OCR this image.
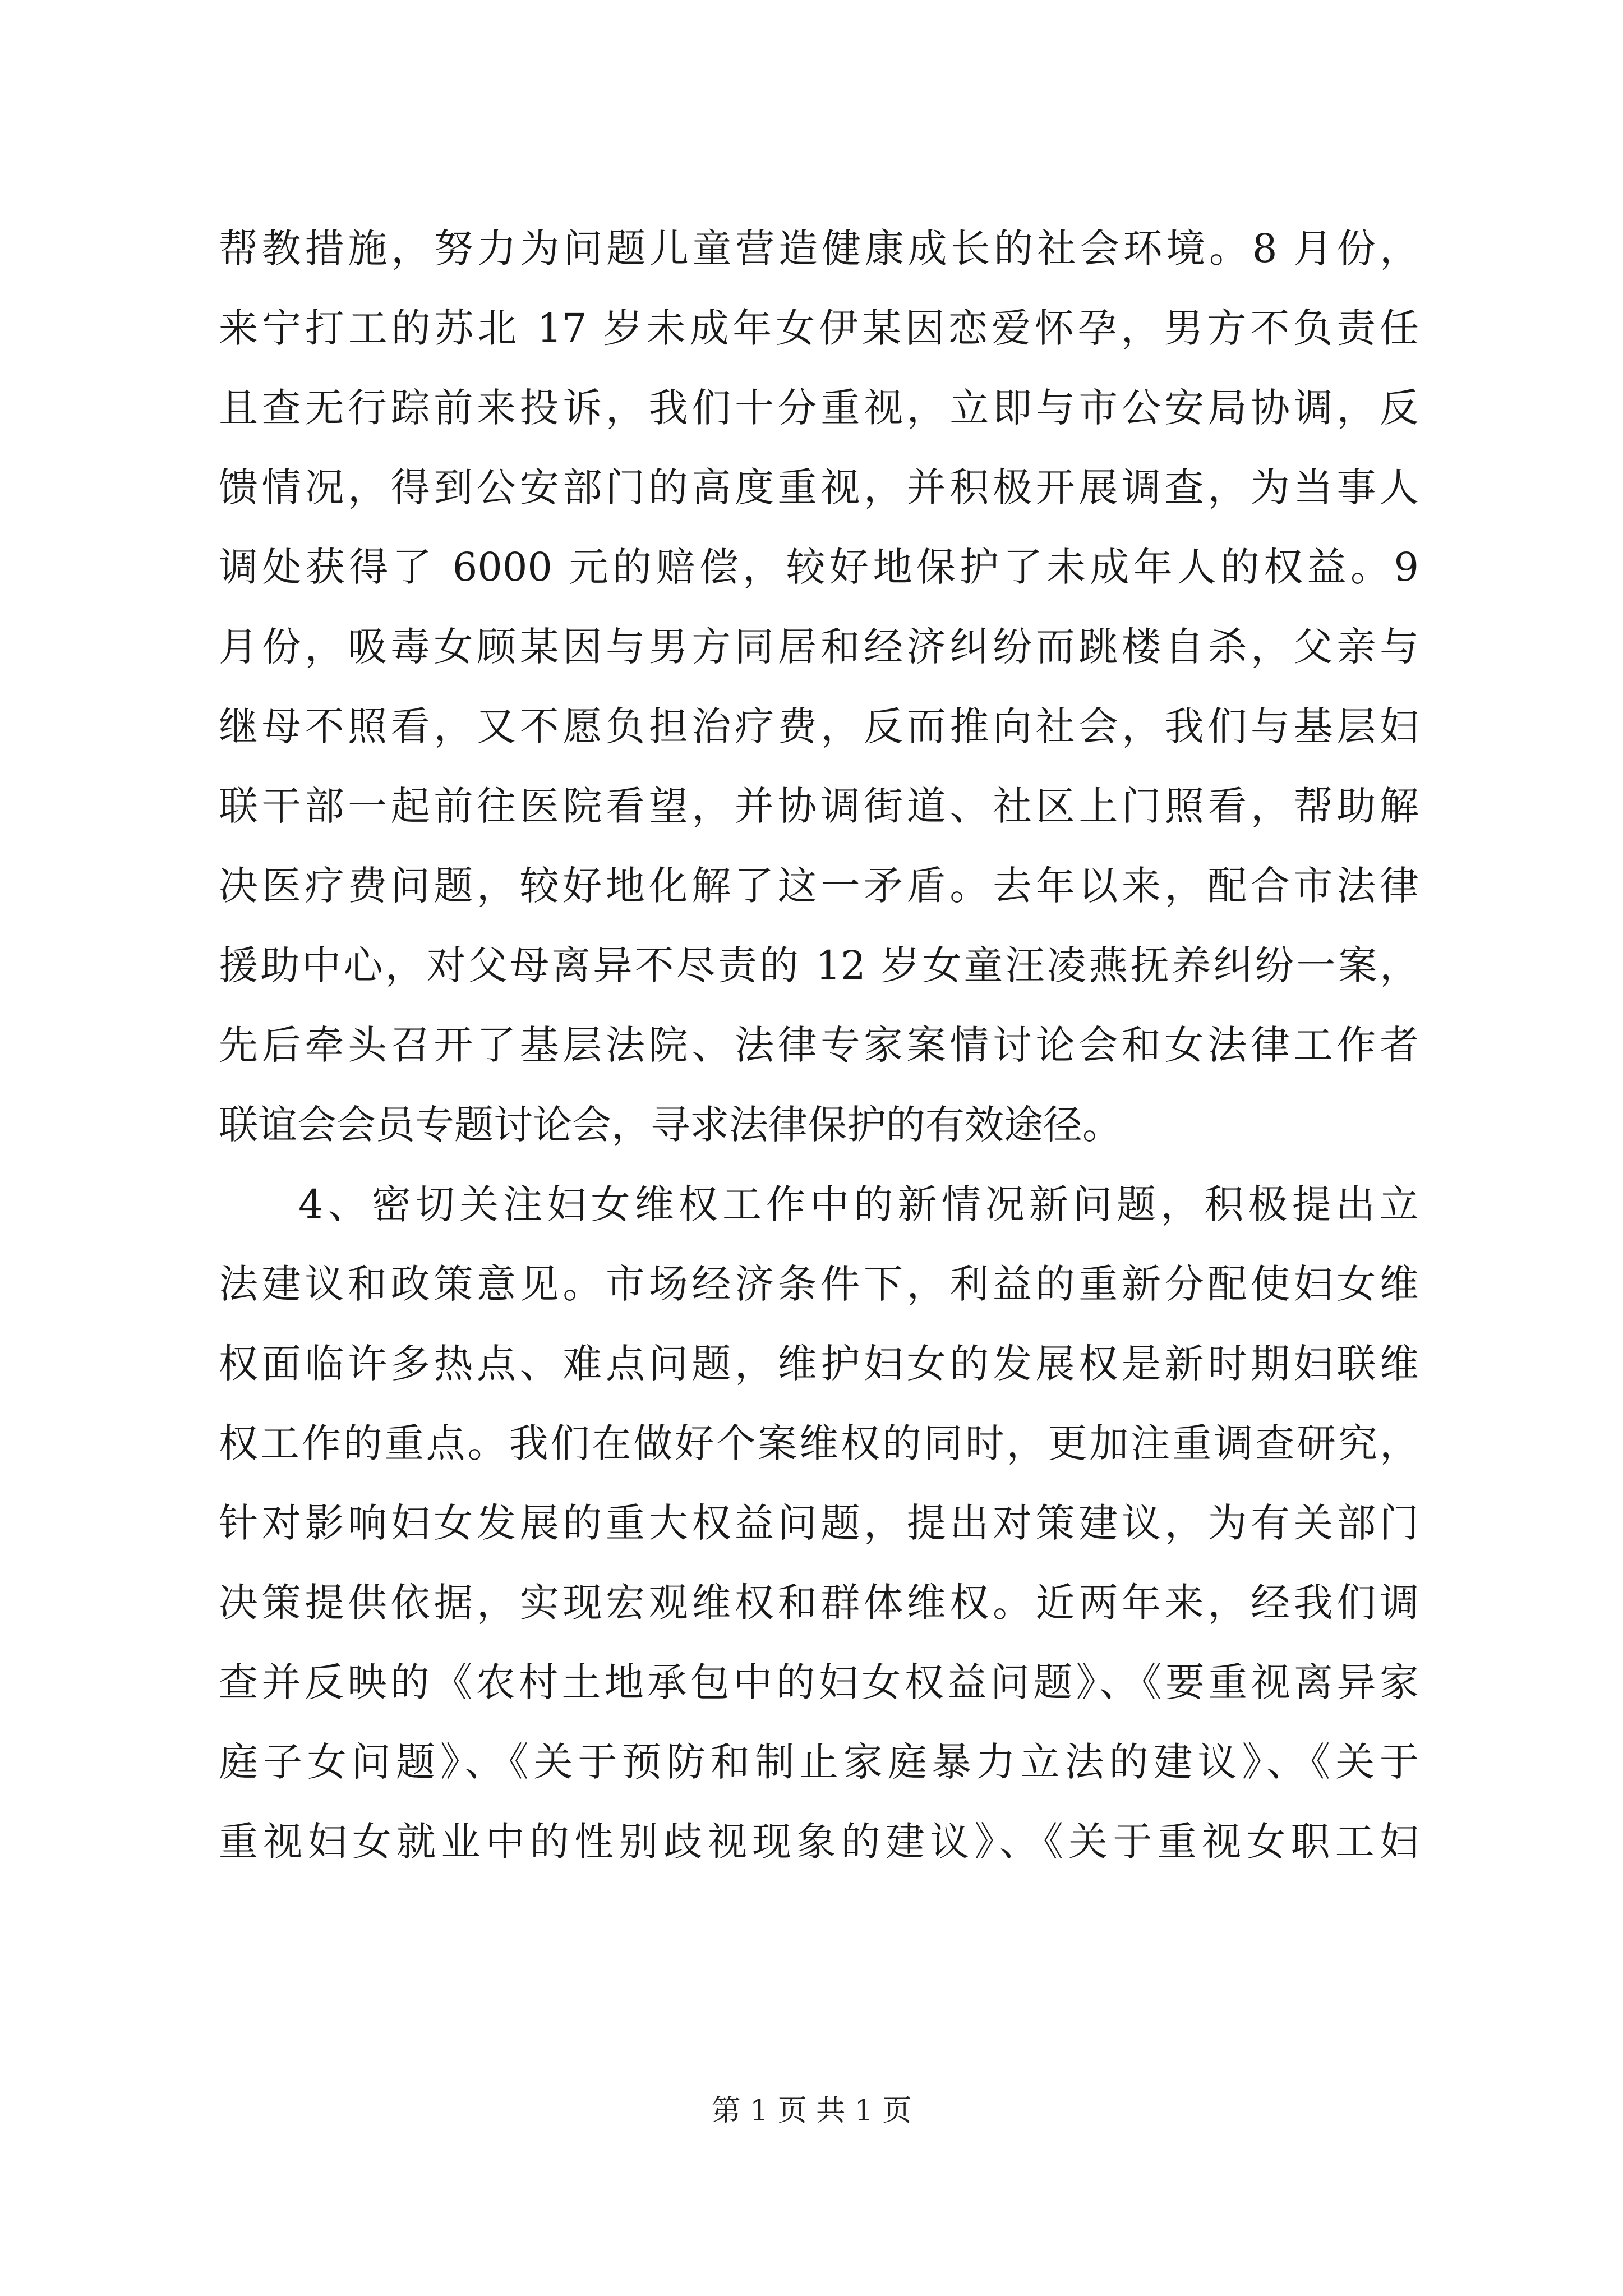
帮教措施，努力为问题儿童营造健康成长的社会环境。8 月份，
来宁打工的苏北 17 岁未成年女伊某因恋爱怀孕，男方不负责任
且查无行踪前来投诉，我们十分重视，立即与市公安局协调，反
馈情况，得到公安部门的高度重视，并积极开展调查，为当事人
调处获得了 6000 元的赔偿，较好地保护了未成年人的权益。9
月份，吸毒女顾某因与男方同居和经济纠纷而跳楼自杀，父亲与
继母不照看，又不愿负担治疗费，反而推向社会，我们与基层妇
联干部一起前往医院看望，并协调街道、社区上门照看，帮助解
决医疗费问题，较好地化解了这一矛盾。去年以来，配合市法律
援助中心，对父母离异不尽责的 12 岁女童汪凌燕抚养纠纷一案，
先后牵头召开了基层法院、法律专家案情讨论会和女法律工作者
联谊会会员专题讨论会，寻求法律保护的有效途径。
4、密切关注妇女维权工作中的新情况新问题，积极提出立
法建议和政策意见。市场经济条件下，利益的重新分配使妇女维
权面临许多热点、难点问题，维护妇女的发展权是新时期妇联维
权工作的重点。我们在做好个案维权的同时，更加注重调查研究，
针对影响妇女发展的重大权益问题，提出对策建议，为有关部门
决策提供依据，实现宏观维权和群体维权。近两年来，经我们调
查并反映的《农村土地承包中的妇女权益问题》、《要重视离异家
庭子女问题》、《关于预防和制止家庭暴力立法的建议》、《关于
重视妇女就业中的性别歧视现象的建议》、《关于重视女职工妇
第 1 页 共 1 页
